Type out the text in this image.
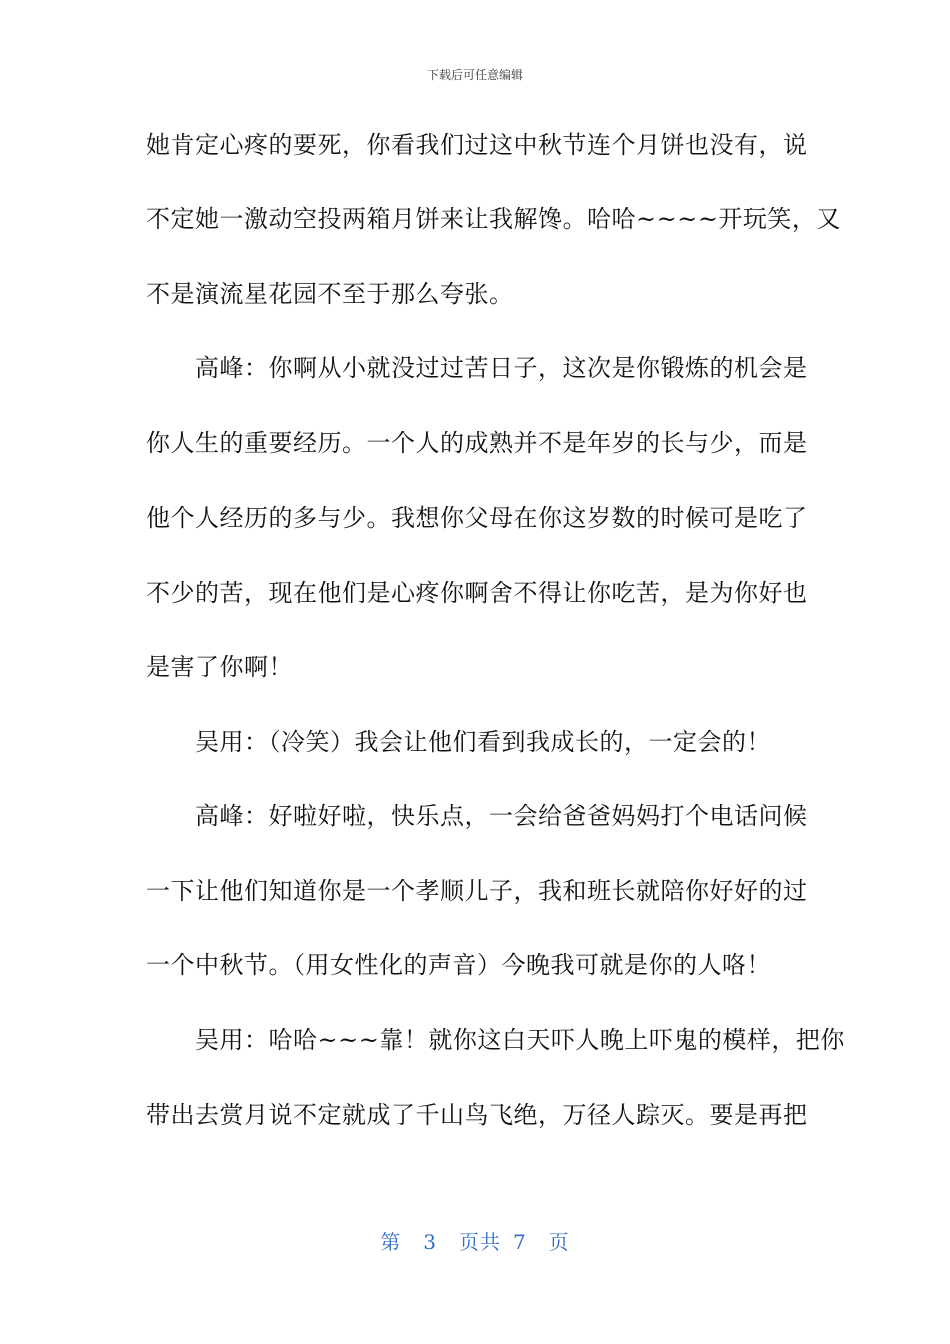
下载后可任意编辑
她肯定心疼的要死，你看我们过这中秋节连个月饼也没有，说
不定她一激动空投两箱月饼来让我解馋。哈哈~~~~开玩笑，又
不是演流星花园不至于那么夸张。
　　高峰：你啊从小就没过过苦日子，这次是你锻炼的机会是
你人生的重要经历。一个人的成熟并不是年岁的长与少，而是
他个人经历的多与少。我想你父母在你这岁数的时候可是吃了
不少的苦，现在他们是心疼你啊舍不得让你吃苦，是为你好也
是害了你啊！
　　吴用：（冷笑）我会让他们看到我成长的，一定会的！
　　高峰：好啦好啦，快乐点，一会给爸爸妈妈打个电话问候
一下让他们知道你是一个孝顺儿子，我和班长就陪你好好的过
一个中秋节。（用女性化的声音）今晚我可就是你的人咯！
　　吴用：哈哈~~~靠！就你这白天吓人晚上吓鬼的模样，把你
带出去赏月说不定就成了千山鸟飞绝，万径人踪灭。要是再把
第 3 页共 7 页
